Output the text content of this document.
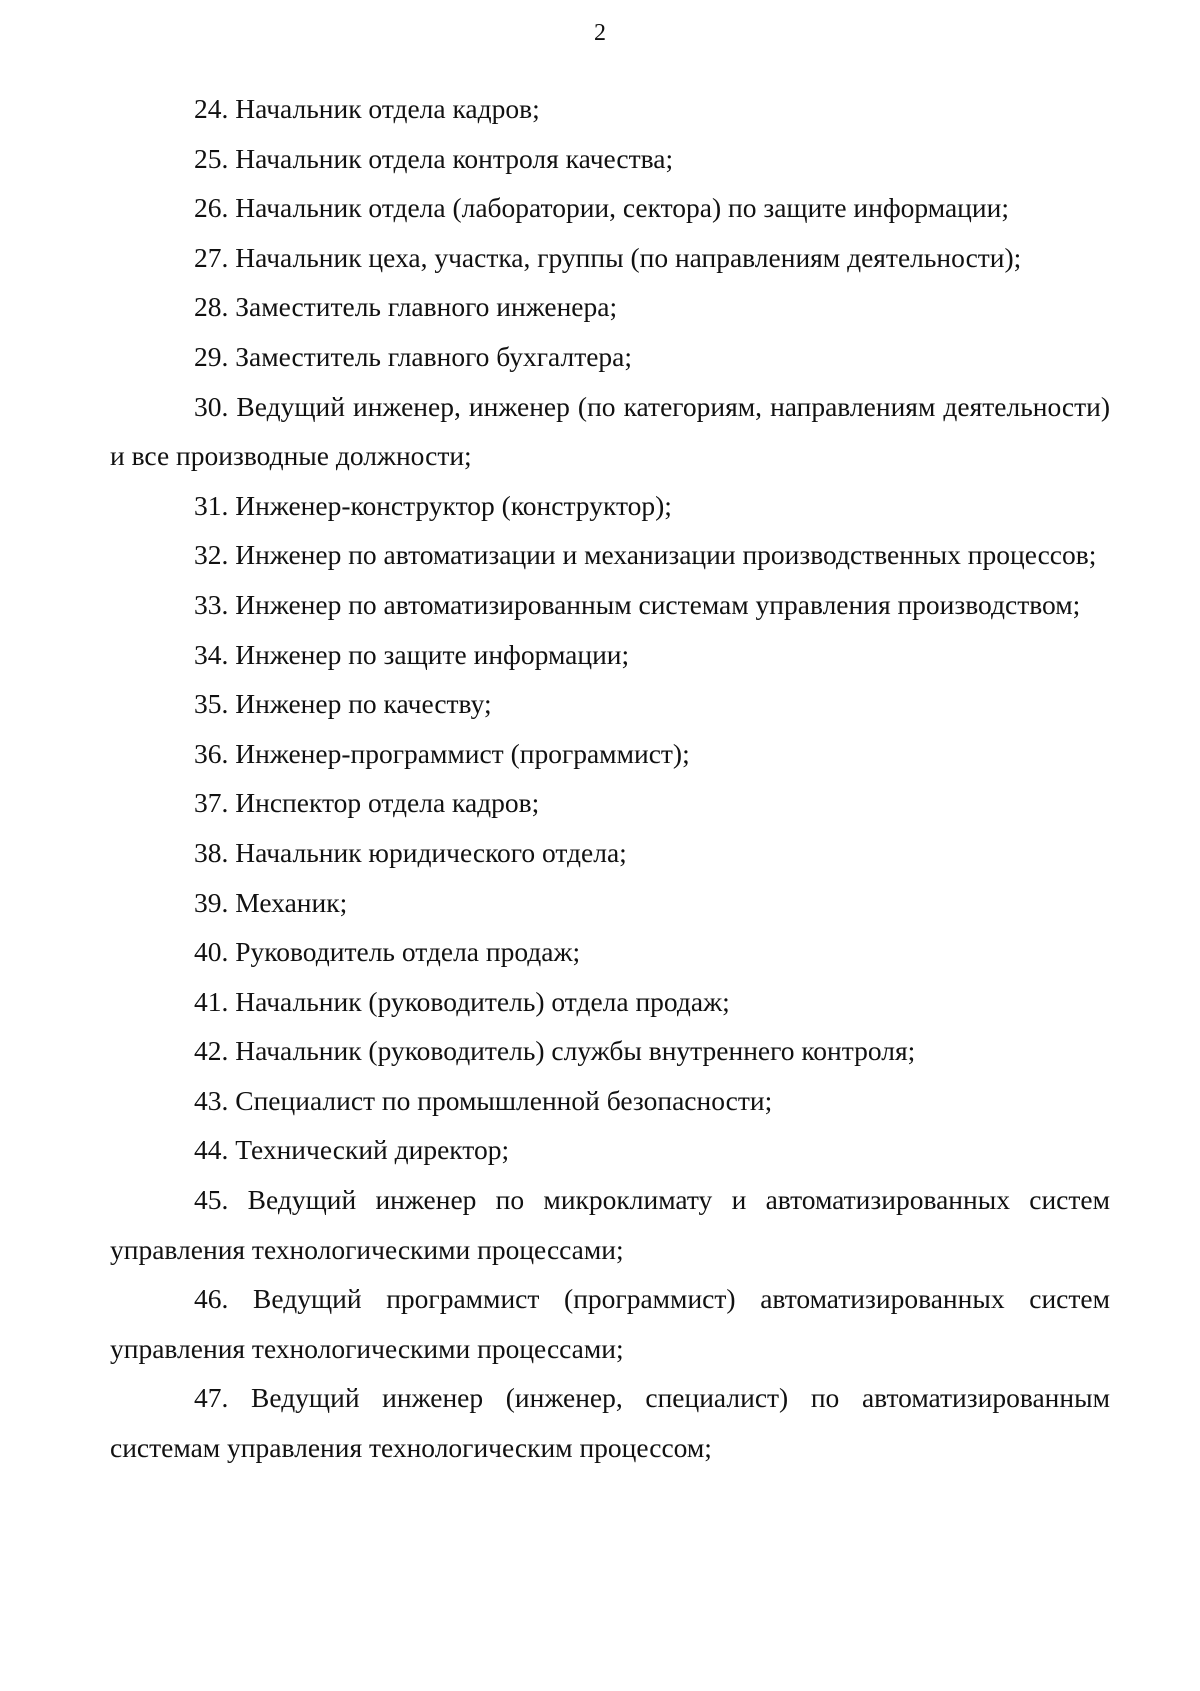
2
24. Начальник отдела кадров;
25. Начальник отдела контроля качества;
26. Начальник отдела (лаборатории, сектора) по защите информации;
27. Начальник цеха, участка, группы (по направлениям деятельности);
28. Заместитель главного инженера;
29. Заместитель главного бухгалтера;
30. Ведущий инженер, инженер (по категориям, направлениям деятельности) и все производные должности;
31. Инженер-конструктор (конструктор);
32. Инженер по автоматизации и механизации производственных процессов;
33. Инженер по автоматизированным системам управления производством;
34. Инженер по защите информации;
35. Инженер по качеству;
36. Инженер-программист (программист);
37. Инспектор отдела кадров;
38. Начальник юридического отдела;
39. Механик;
40. Руководитель отдела продаж;
41. Начальник (руководитель) отдела продаж;
42. Начальник (руководитель) службы внутреннего контроля;
43. Специалист по промышленной безопасности;
44. Технический директор;
45. Ведущий инженер по микроклимату и автоматизированных систем управления технологическими процессами;
46. Ведущий программист (программист) автоматизированных систем управления технологическими процессами;
47. Ведущий инженер (инженер, специалист) по автоматизированным системам управления технологическим процессом;
